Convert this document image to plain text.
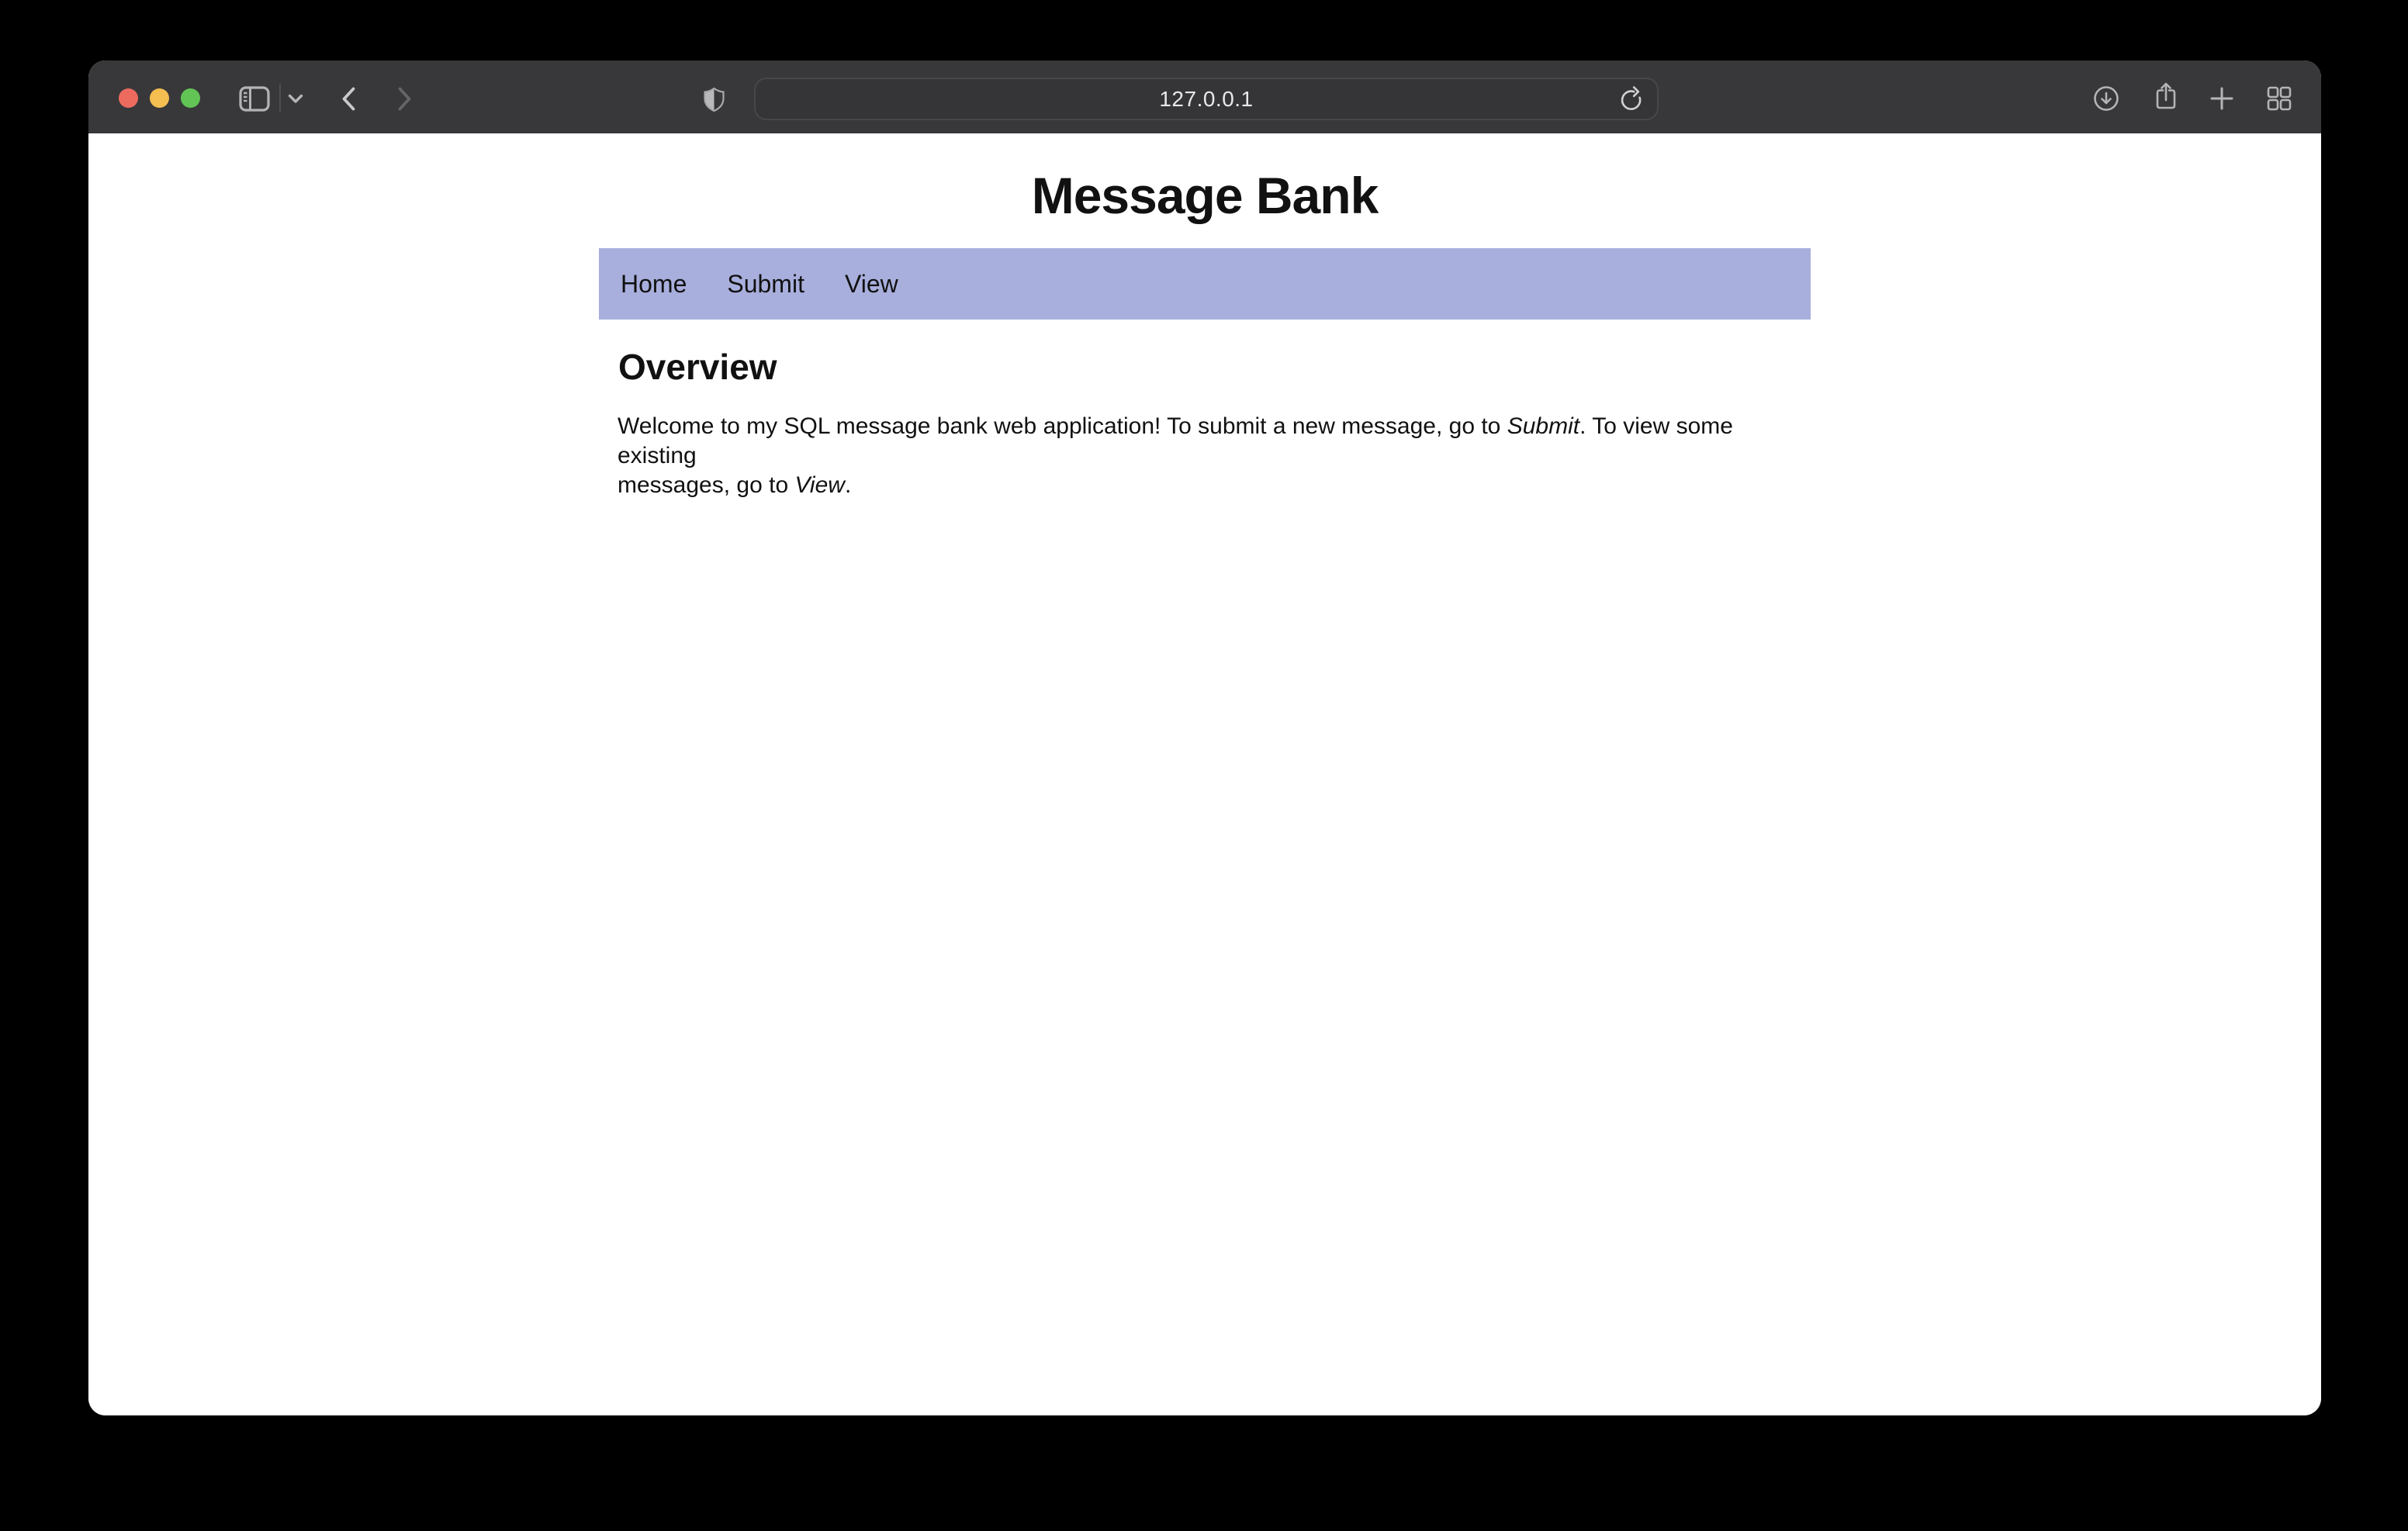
127.0.0.1
Message Bank
Home Submit View
Overview

Welcome to my SQL message bank web application! To submit a new message, go to Submit. To view some existing
messages, go to View.
